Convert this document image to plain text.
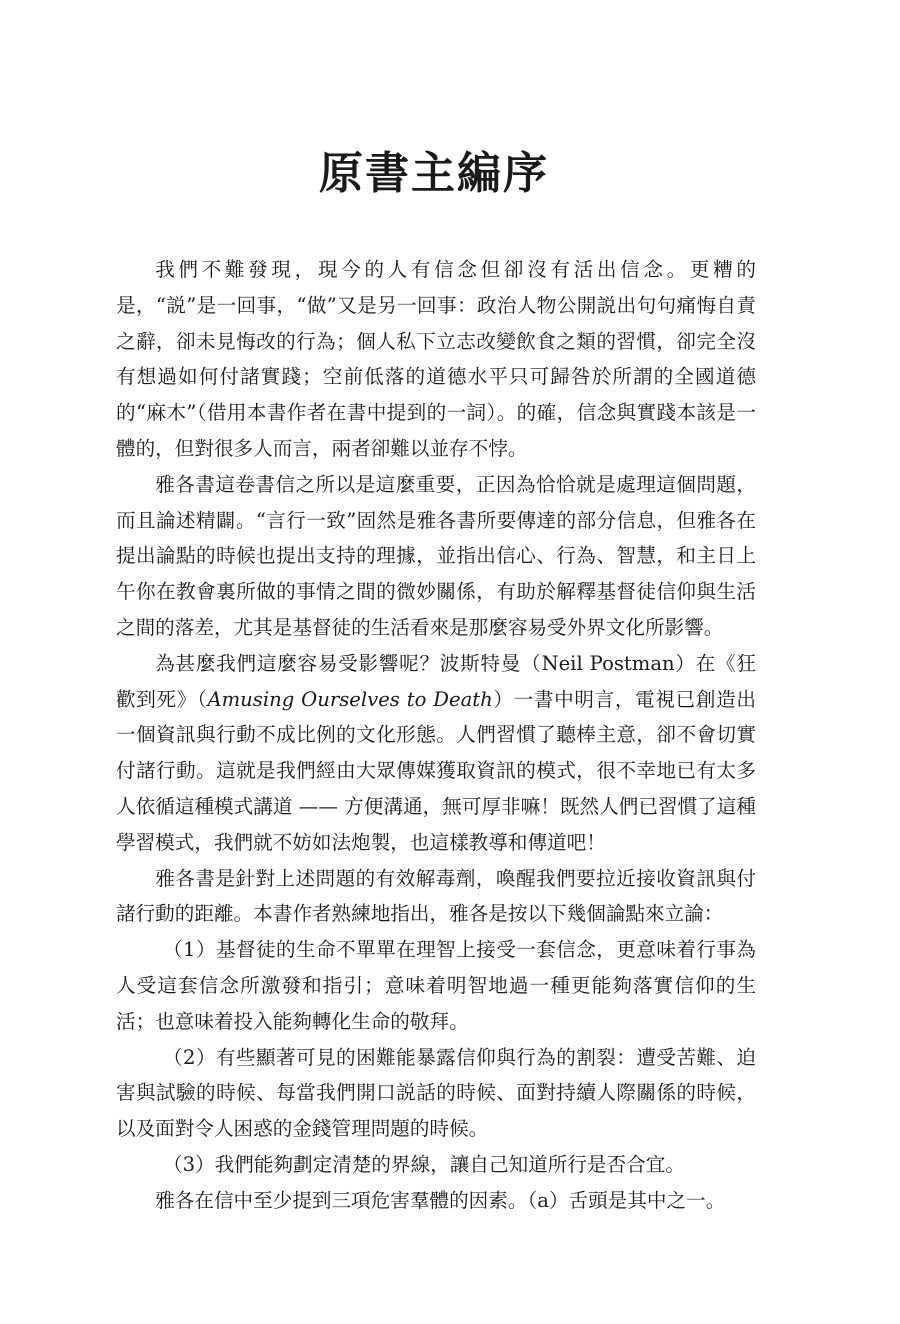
原書主編序

我們不難發現，現今的人有信念但卻沒有活出信念。更糟的是，“説”是一回事，“做”又是另一回事：政治人物公開説出句句痛悔自責之辭，卻未見悔改的行為；個人私下立志改變飲食之類的習慣，卻完全沒有想過如何付諸實踐；空前低落的道德水平只可歸咎於所謂的全國道德的“麻木”（借用本書作者在書中提到的一詞）。的確，信念與實踐本該是一體的，但對很多人而言，兩者卻難以並存不悖。

雅各書這卷書信之所以是這麼重要，正因為恰恰就是處理這個問題，而且論述精闢。“言行一致”固然是雅各書所要傳達的部分信息，但雅各在提出論點的時候也提出支持的理據，並指出信心、行為、智慧，和主日上午你在教會裏所做的事情之間的微妙關係，有助於解釋基督徒信仰與生活之間的落差，尤其是基督徒的生活看來是那麼容易受外界文化所影響。

為甚麼我們這麼容易受影響呢？波斯特曼（Neil Postman）在《狂歡到死》（Amusing Ourselves to Death）一書中明言，電視已創造出一個資訊與行動不成比例的文化形態。人們習慣了聽棒主意，卻不會切實付諸行動。這就是我們經由大眾傳媒獲取資訊的模式，很不幸地已有太多人依循這種模式講道 —— 方便溝通，無可厚非嘛！既然人們已習慣了這種學習模式，我們就不妨如法炮製，也這樣教導和傳道吧！

雅各書是針對上述問題的有效解毒劑，喚醒我們要拉近接收資訊與付諸行動的距離。本書作者熟練地指出，雅各是按以下幾個論點來立論：

（1）基督徒的生命不單單在理智上接受一套信念，更意味着行事為人受這套信念所激發和指引；意味着明智地過一種更能夠落實信仰的生活；也意味着投入能夠轉化生命的敬拜。

（2）有些顯著可見的困難能暴露信仰與行為的割裂：遭受苦難、迫害與試驗的時候、每當我們開口説話的時候、面對持續人際關係的時候，以及面對令人困惑的金錢管理問題的時候。

（3）我們能夠劃定清楚的界線，讓自己知道所行是否合宜。

雅各在信中至少提到三項危害羣體的因素。（a）舌頭是其中之一。
